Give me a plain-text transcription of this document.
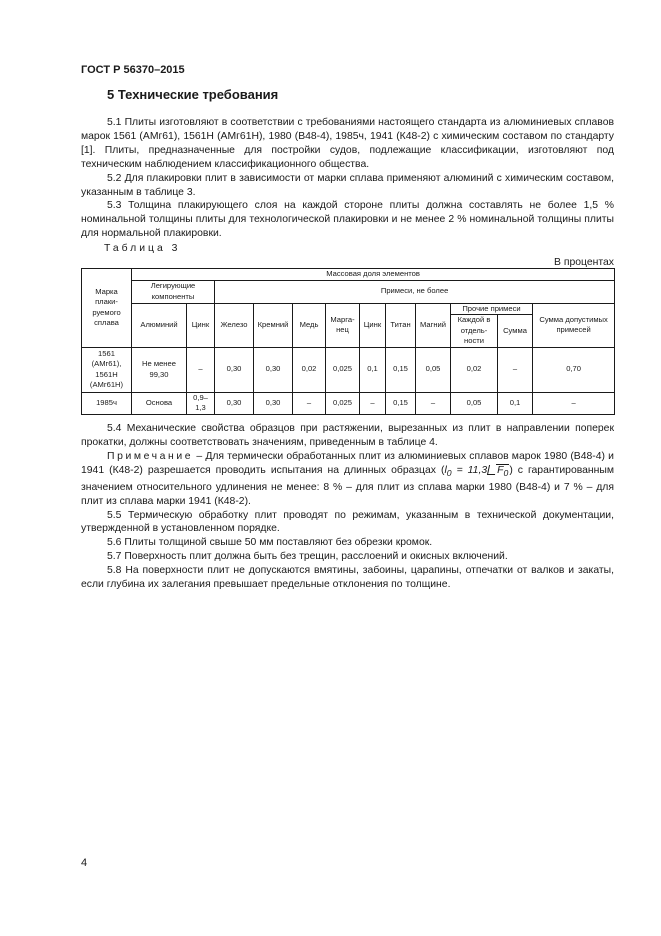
ГОСТ Р 56370–2015
5 Технические требования

5.1 Плиты изготовляют в соответствии с требованиями настоящего стандарта из алюминиевых сплавов марок 1561 (АМг61), 1561Н (АМг61Н), 1980 (В48-4), 1985ч, 1941 (К48-2) с химическим составом по стандарту [1]. Плиты, предназначенные для постройки судов, подлежащие классификации, изготовляют под техническим наблюдением классификационного общества.

5.2 Для плакировки плит в зависимости от марки сплава применяют алюминий с химическим составом, указанным в таблице 3.

5.3 Толщина плакирующего слоя на каждой стороне плиты должна составлять не более 1,5 % номинальной толщины плиты для технологической плакировки и не менее 2 % номинальной толщины плиты для нормальной плакировки.

Таблица 3
В процентах
Марка плаки-руемого сплава	Массовая доля элементов											
	Легирующие компоненты		Примеси, не более									
	Алюминий	Цинк	Железо	Кремний	Медь	Марга-нец	Цинк	Титан	Магний	Прочие примеси		Сумма допустимых примесей
										Каждой в отдель-ности	Сумма	
1561 (АМг61), 1561Н (АМг61Н)	Не менее 99,30	–	0,30	0,30	0,02	0,025	0,1	0,15	0,05	0,02	–	0,70
1985ч	Основа	0,9–1,3	0,30	0,30	–	0,025	–	0,15	–	0,05	0,1	–

5.4 Механические свойства образцов при растяжении, вырезанных из плит в направлении поперек прокатки, должны соответствовать значениям, приведенным в таблице 4.

Примечание – Для термически обработанных плит из алюминиевых сплавов марок 1980 (В48-4) и 1941 (К48-2) разрешается проводить испытания на длинных образцах ($l_0 = 11,3$ $F_0$) с гарантированным значением относительного удлинения не менее: 8 % – для плит из сплава марки 1980 (В48-4) и 7 % – для плит из сплава марки 1941 (К48-2).

5.5 Термическую обработку плит проводят по режимам, указанным в технической документации, утвержденной в установленном порядке.

5.6 Плиты толщиной свыше 50 мм поставляют без обрезки кромок.

5.7 Поверхность плит должна быть без трещин, расслоений и окисных включений.

5.8 На поверхности плит не допускаются вмятины, забоины, царапины, отпечатки от валков и закаты, если глубина их залегания превышает предельные отклонения по толщине.

4
